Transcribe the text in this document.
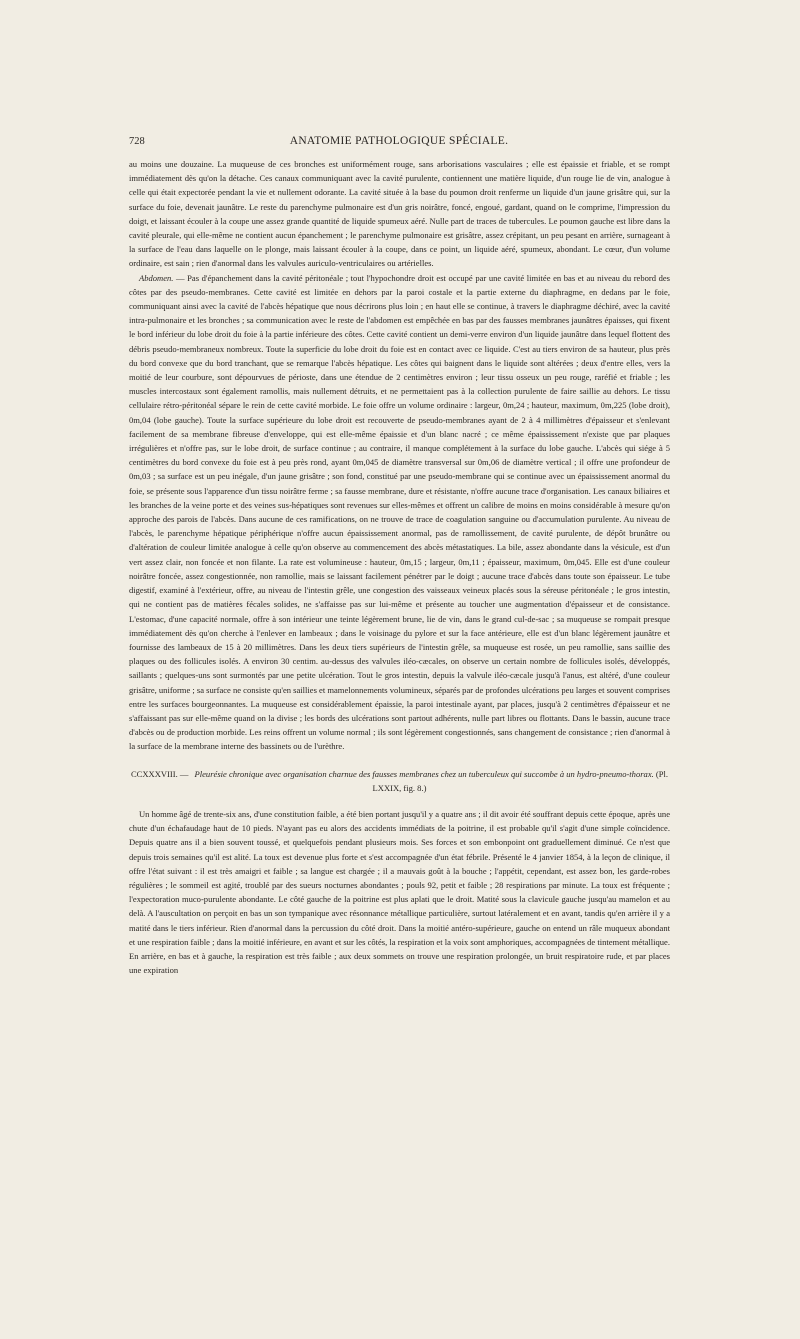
728	ANATOMIE PATHOLOGIQUE SPÉCIALE.

au moins une douzaine. La muqueuse de ces bronches est uniformément rouge, sans arborisations vasculaires ; elle est épaissie et friable, et se rompt immédiatement dès qu'on la détache. Ces canaux communiquant avec la cavité purulente, contiennent une matière liquide, d'un rouge lie de vin, analogue à celle qui était expectorée pendant la vie et nullement odorante. La cavité située à la base du poumon droit renferme un liquide d'un jaune grisâtre qui, sur la surface du foie, devenait jaunâtre. Le reste du parenchyme pulmonaire est d'un gris noirâtre, foncé, engoué, gardant, quand on le comprime, l'impression du doigt, et laissant écouler à la coupe une assez grande quantité de liquide spumeux aéré. Nulle part de traces de tubercules. Le poumon gauche est libre dans la cavité pleurale, qui elle-même ne contient aucun épanchement ; le parenchyme pulmonaire est grisâtre, assez crépitant, un peu pesant en arrière, surnageant à la surface de l'eau dans laquelle on le plonge, mais laissant écouler à la coupe, dans ce point, un liquide aéré, spumeux, abondant. Le cœur, d'un volume ordinaire, est sain ; rien d'anormal dans les valvules auriculo-ventriculaires ou artérielles.

Abdomen. — Pas d'épanchement dans la cavité péritonéale ; tout l'hypochondre droit est occupé par une cavité limitée en bas et au niveau du rebord des côtes par des pseudo-membranes. Cette cavité est limitée en dehors par la paroi costale et la partie externe du diaphragme, en dedans par le foie, communiquant ainsi avec la cavité de l'abcès hépatique que nous décrirons plus loin ; en haut elle se continue, à travers le diaphragme déchiré, avec la cavité intra-pulmonaire et les bronches ; sa communication avec le reste de l'abdomen est empêchée en bas par des fausses membranes jaunâtres épaisses, qui fixent le bord inférieur du lobe droit du foie à la partie inférieure des côtes. Cette cavité contient un demi-verre environ d'un liquide jaunâtre dans lequel flottent des débris pseudo-membraneux nombreux. Toute la superficie du lobe droit du foie est en contact avec ce liquide. C'est au tiers environ de sa hauteur, plus près du bord convexe que du bord tranchant, que se remarque l'abcès hépatique. Les côtes qui baignent dans le liquide sont altérées ; deux d'entre elles, vers la moitié de leur courbure, sont dépourvues de périoste, dans une étendue de 2 centimètres environ ; leur tissu osseux un peu rouge, raréfié et friable ; les muscles intercostaux sont également ramollis, mais nullement détruits, et ne permettaient pas à la collection purulente de faire saillie au dehors. Le tissu cellulaire rétro-péritonéal sépare le rein de cette cavité morbide. Le foie offre un volume ordinaire : largeur, 0m,24 ; hauteur, maximum, 0m,225 (lobe droit), 0m,04 (lobe gauche). Toute la surface supérieure du lobe droit est recouverte de pseudo-membranes ayant de 2 à 4 millimètres d'épaisseur et s'enlevant facilement de sa membrane fibreuse d'enveloppe, qui est elle-même épaissie et d'un blanc nacré ; ce même épaississement n'existe que par plaques irrégulières et n'offre pas, sur le lobe droit, de surface continue ; au contraire, il manque complétement à la surface du lobe gauche. L'abcès qui siége à 5 centimètres du bord convexe du foie est à peu près rond, ayant 0m,045 de diamètre transversal sur 0m,06 de diamètre vertical ; il offre une profondeur de 0m,03 ; sa surface est un peu inégale, d'un jaune grisâtre ; son fond, constitué par une pseudo-membrane qui se continue avec un épaississement anormal du foie, se présente sous l'apparence d'un tissu noirâtre ferme ; sa fausse membrane, dure et résistante, n'offre aucune trace d'organisation. Les canaux biliaires et les branches de la veine porte et des veines sus-hépatiques sont revenues sur elles-mêmes et offrent un calibre de moins en moins considérable à mesure qu'on approche des parois de l'abcès. Dans aucune de ces ramifications, on ne trouve de trace de coagulation sanguine ou d'accumulation purulente. Au niveau de l'abcès, le parenchyme hépatique périphérique n'offre aucun épaississement anormal, pas de ramollissement, de cavité purulente, de dépôt brunâtre ou d'altération de couleur limitée analogue à celle qu'on observe au commencement des abcès métastatiques. La bile, assez abondante dans la vésicule, est d'un vert assez clair, non foncée et non filante. La rate est volumineuse : hauteur, 0m,15 ; largeur, 0m,11 ; épaisseur, maximum, 0m,045. Elle est d'une couleur noirâtre foncée, assez congestionnée, non ramollie, mais se laissant facilement pénétrer par le doigt ; aucune trace d'abcès dans toute son épaisseur. Le tube digestif, examiné à l'extérieur, offre, au niveau de l'intestin grêle, une congestion des vaisseaux veineux placés sous la séreuse péritonéale ; le gros intestin, qui ne contient pas de matières fécales solides, ne s'affaisse pas sur lui-même et présente au toucher une augmentation d'épaisseur et de consistance. L'estomac, d'une capacité normale, offre à son intérieur une teinte légèrement brune, lie de vin, dans le grand cul-de-sac ; sa muqueuse se rompait presque immédiatement dès qu'on cherche à l'enlever en lambeaux ; dans le voisinage du pylore et sur la face antérieure, elle est d'un blanc légèrement jaunâtre et fournisse des lambeaux de 15 à 20 millimètres. Dans les deux tiers supérieurs de l'intestin grêle, sa muqueuse est rosée, un peu ramollie, sans saillie des plaques ou des follicules isolés. A environ 30 centim. au-dessus des valvules iléo-cæcales, on observe un certain nombre de follicules isolés, développés, saillants ; quelques-uns sont surmontés par une petite ulcération. Tout le gros intestin, depuis la valvule iléo-cæcale jusqu'à l'anus, est altéré, d'une couleur grisâtre, uniforme ; sa surface ne consiste qu'en saillies et mamelonnements volumineux, séparés par de profondes ulcérations peu larges et souvent comprises entre les surfaces bourgeonnantes. La muqueuse est considérablement épaissie, la paroi intestinale ayant, par places, jusqu'à 2 centimètres d'épaisseur et ne s'affaissant pas sur elle-même quand on la divise ; les bords des ulcérations sont partout adhérents, nulle part libres ou flottants. Dans le bassin, aucune trace d'abcès ou de production morbide. Les reins offrent un volume normal ; ils sont légèrement congestionnés, sans changement de consistance ; rien d'anormal à la surface de la membrane interne des bassinets ou de l'urèthre.

CCXXXVIII. — Pleurésie chronique avec organisation charnue des fausses membranes chez un tuberculeux qui succombe à un hydro-pneumo-thorax. (Pl. LXXIX, fig. 8.)

Un homme âgé de trente-six ans, d'une constitution faible, a été bien portant jusqu'il y a quatre ans ; il dit avoir été souffrant depuis cette époque, après une chute d'un échafaudage haut de 10 pieds. N'ayant pas eu alors des accidents immédiats de la poitrine, il est probable qu'il s'agit d'une simple coïncidence. Depuis quatre ans il a bien souvent toussé, et quelquefois pendant plusieurs mois. Ses forces et son embonpoint ont graduellement diminué. Ce n'est que depuis trois semaines qu'il est alité. La toux est devenue plus forte et s'est accompagnée d'un état fébrile. Présenté le 4 janvier 1854, à la leçon de clinique, il offre l'état suivant : il est très amaigri et faible ; sa langue est chargée ; il a mauvais goût à la bouche ; l'appétit, cependant, est assez bon, les garde-robes régulières ; le sommeil est agité, troublé par des sueurs nocturnes abondantes ; pouls 92, petit et faible ; 28 respirations par minute. La toux est fréquente ; l'expectoration muco-purulente abondante. Le côté gauche de la poitrine est plus aplati que le droit. Matité sous la clavicule gauche jusqu'au mamelon et au delà. A l'auscultation on perçoit en bas un son tympanique avec résonnance métallique particulière, surtout latéralement et en avant, tandis qu'en arrière il y a matité dans le tiers inférieur. Rien d'anormal dans la percussion du côté droit. Dans la moitié antéro-supérieure, gauche on entend un râle muqueux abondant et une respiration faible ; dans la moitié inférieure, en avant et sur les côtés, la respiration et la voix sont amphoriques, accompagnées de tintement métallique. En arrière, en bas et à gauche, la respiration est très faible ; aux deux sommets on trouve une respiration prolongée, un bruit respiratoire rude, et par places une expiration
